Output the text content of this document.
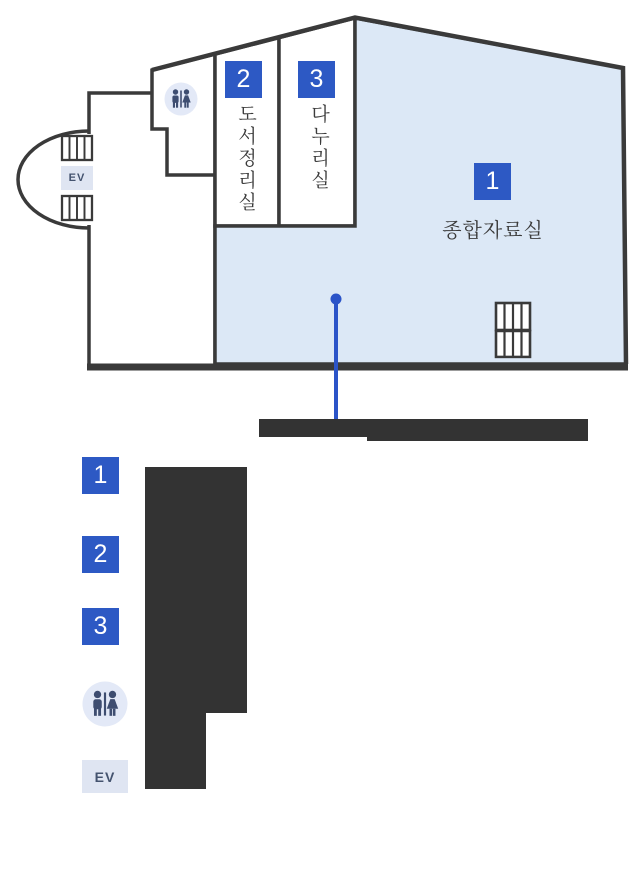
1
종합자료실
2
도서정리실
3
다누리실
EV
1
2
3
EV
